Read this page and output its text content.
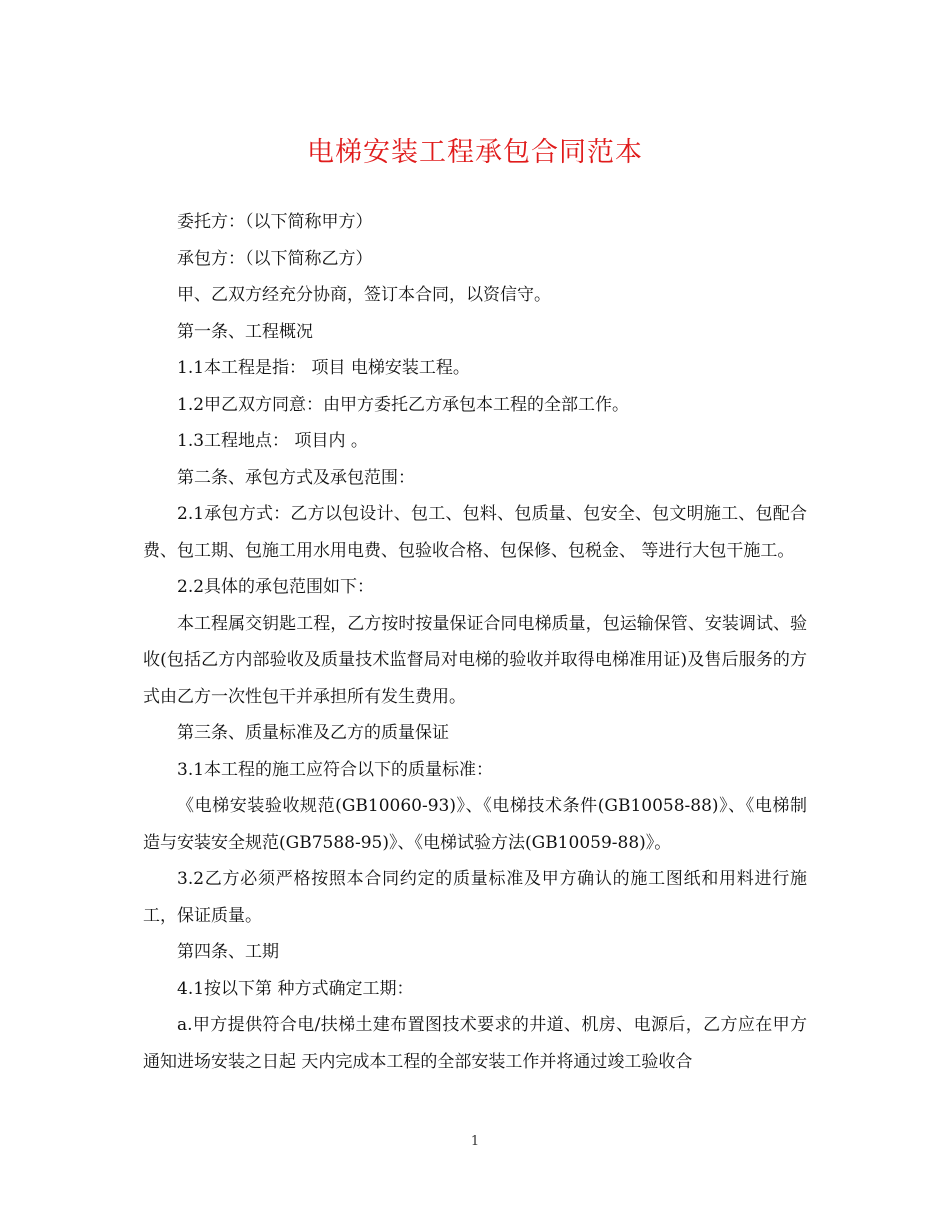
电梯安装工程承包合同范本

委托方：（以下简称甲方）

承包方：（以下简称乙方）

甲、乙双方经充分协商，签订本合同，以资信守。

第一条、工程概况

1.1本工程是指： 项目 电梯安装工程。

1.2甲乙双方同意：由甲方委托乙方承包本工程的全部工作。

1.3工程地点： 项目内 。

第二条、承包方式及承包范围：

2.1承包方式：乙方以包设计、包工、包料、包质量、包安全、包文明施工、包配合费、包工期、包施工用水用电费、包验收合格、包保修、包税金、 等进行大包干施工。

2.2具体的承包范围如下：

本工程属交钥匙工程，乙方按时按量保证合同电梯质量，包运输保管、安装调试、验收(包括乙方内部验收及质量技术监督局对电梯的验收并取得电梯准用证)及售后服务的方式由乙方一次性包干并承担所有发生费用。

第三条、质量标准及乙方的质量保证

3.1本工程的施工应符合以下的质量标准：

《电梯安装验收规范(GB10060-93)》、《电梯技术条件(GB10058-88)》、《电梯制造与安装安全规范(GB7588-95)》、《电梯试验方法(GB10059-88)》。

3.2乙方必须严格按照本合同约定的质量标准及甲方确认的施工图纸和用料进行施工，保证质量。

第四条、工期

4.1按以下第 种方式确定工期：

a.甲方提供符合电/扶梯土建布置图技术要求的井道、机房、电源后，乙方应在甲方通知进场安装之日起 天内完成本工程的全部安装工作并将通过竣工验收合

1
